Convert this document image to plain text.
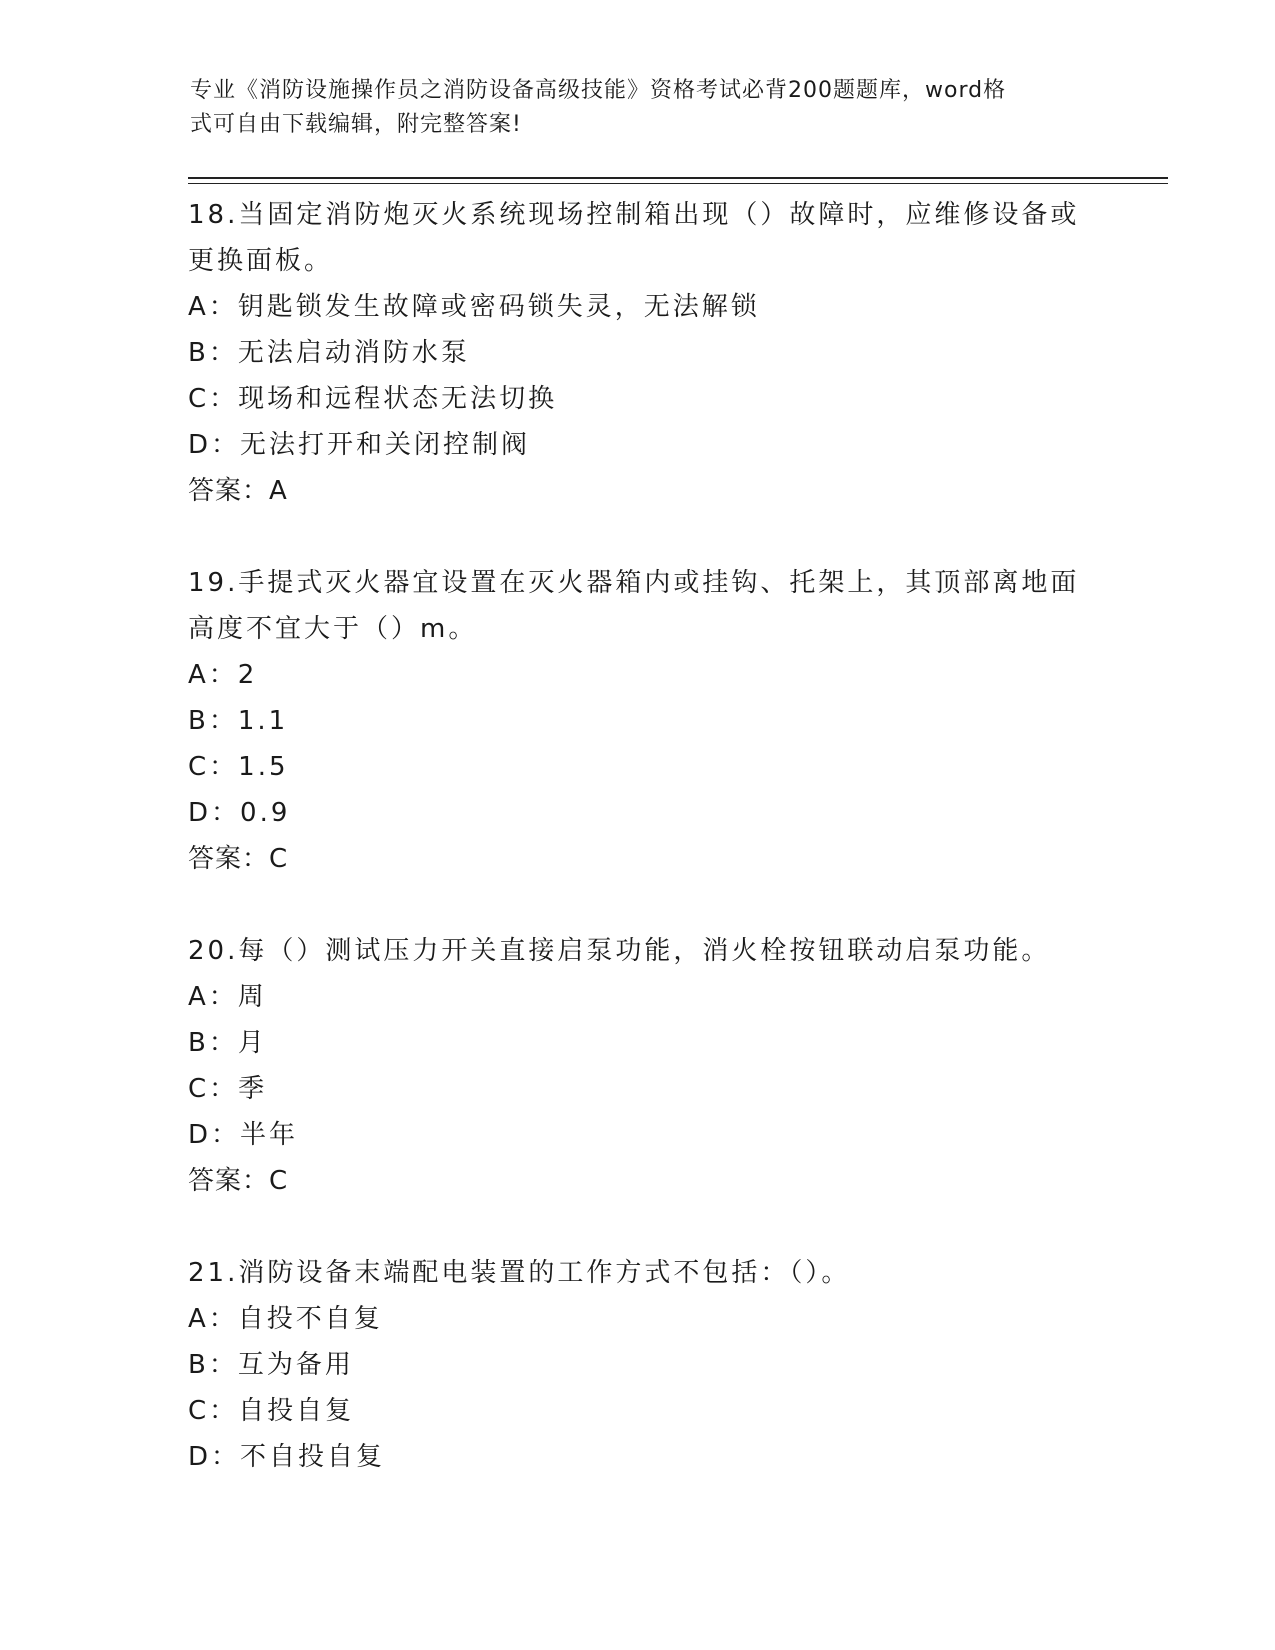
专业《消防设施操作员之消防设备高级技能》资格考试必背200题题库，word格
式可自由下载编辑，附完整答案!
18.当固定消防炮灭火系统现场控制箱出现（）故障时，应维修设备或
更换面板。
A：钥匙锁发生故障或密码锁失灵，无法解锁
B：无法启动消防水泵
C：现场和远程状态无法切换
D：无法打开和关闭控制阀
答案：A
19.手提式灭火器宜设置在灭火器箱内或挂钩、托架上，其顶部离地面
高度不宜大于（）m。
A：2
B：1.1
C：1.5
D：0.9
答案：C
20.每（）测试压力开关直接启泵功能，消火栓按钮联动启泵功能。
A：周
B：月
C：季
D：半年
答案：C
21.消防设备末端配电装置的工作方式不包括：（）。
A：自投不自复
B：互为备用
C：自投自复
D：不自投自复
